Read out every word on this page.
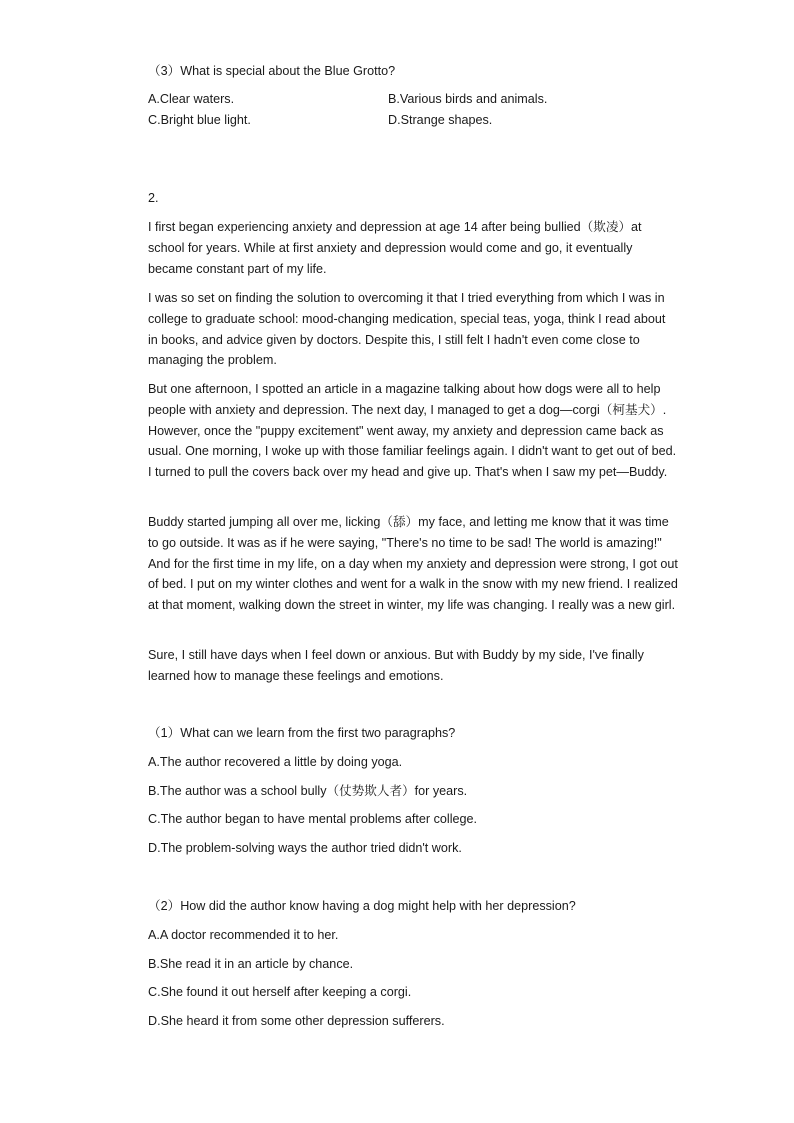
（3）What is special about the Blue Grotto?
A.Clear waters.	B.Various birds and animals.
C.Bright blue light.	D.Strange shapes.
2.
I first began experiencing anxiety and depression at age 14 after being bullied（欺凌）at school for years. While at first anxiety and depression would come and go, it eventually became constant part of my life.
I was so set on finding the solution to overcoming it that I tried everything from which I was in college to graduate school: mood-changing medication, special teas, yoga, think I read about in books, and advice given by doctors. Despite this, I still felt I hadn't even come close to managing the problem.
But one afternoon, I spotted an article in a magazine talking about how dogs were all to help people with anxiety and depression. The next day, I managed to get a dog—corgi（柯基犬）. However, once the "puppy excitement" went away, my anxiety and depression came back as usual. One morning, I woke up with those familiar feelings again. I didn't want to get out of bed. I turned to pull the covers back over my head and give up. That's when I saw my pet—Buddy.
Buddy started jumping all over me, licking（舔）my face, and letting me know that it was time to go outside. It was as if he were saying, "There's no time to be sad! The world is amazing!" And for the first time in my life, on a day when my anxiety and depression were strong, I got out of bed. I put on my winter clothes and went for a walk in the snow with my new friend. I realized at that moment, walking down the street in winter, my life was changing. I really was a new girl.
Sure, I still have days when I feel down or anxious. But with Buddy by my side, I've finally learned how to manage these feelings and emotions.
（1）What can we learn from the first two paragraphs?
A.The author recovered a little by doing yoga.
B.The author was a school bully（仗势欺人者）for years.
C.The author began to have mental problems after college.
D.The problem-solving ways the author tried didn't work.
（2）How did the author know having a dog might help with her depression?
A.A doctor recommended it to her.
B.She read it in an article by chance.
C.She found it out herself after keeping a corgi.
D.She heard it from some other depression sufferers.
